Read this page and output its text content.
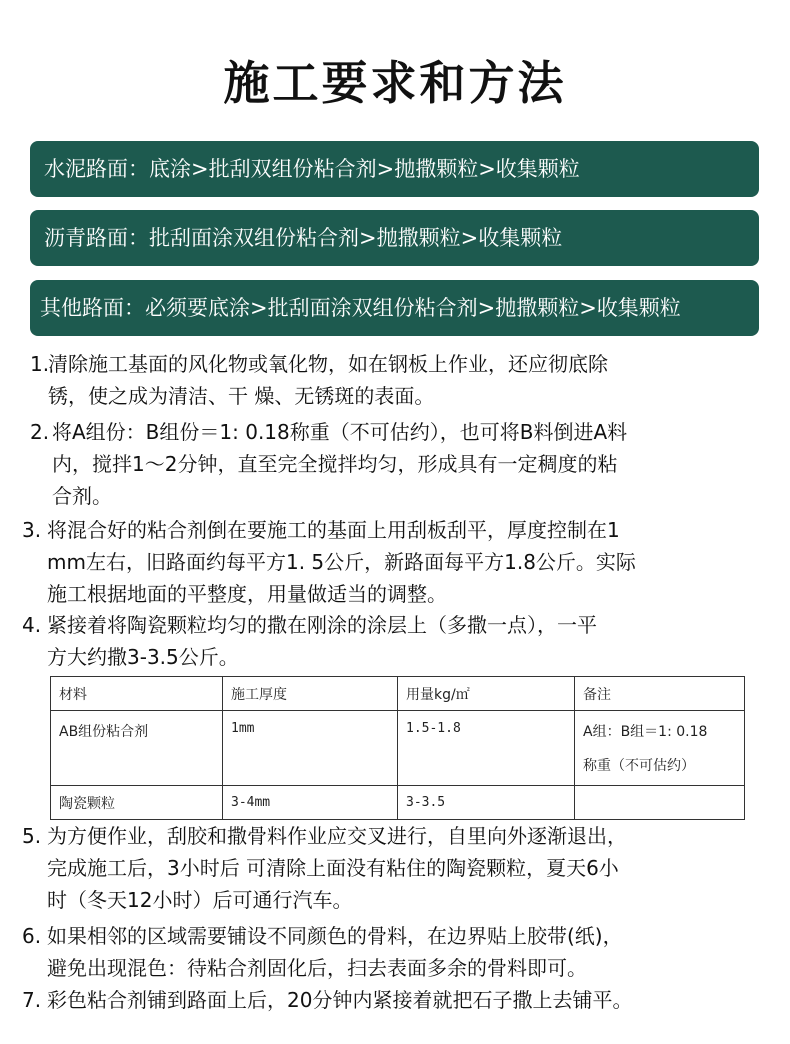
施工要求和方法
水泥路面：底涂>批刮双组份粘合剂>抛撒颗粒>收集颗粒
沥青路面：批刮面涂双组份粘合剂>抛撒颗粒>收集颗粒
其他路面：必须要底涂>批刮面涂双组份粘合剂>抛撒颗粒>收集颗粒
1.
清除施工基面的风化物或氧化物，如在钢板上作业，还应彻底除
锈，使之成为清洁、干 燥、无锈斑的表面。
2. 将A组份：B组份＝1: 0.18称重（不可估约），也可将B料倒进A料
内，搅拌1～2分钟，直至完全搅拌均匀，形成具有一定稠度的粘
合剂。
3. 将混合好的粘合剂倒在要施工的基面上用刮板刮平，厚度控制在1
mm左右，旧路面约每平方1. 5公斤，新路面每平方1.8公斤。实际
施工根据地面的平整度，用量做适当的调整。
4. 紧接着将陶瓷颗粒均匀的撒在刚涂的涂层上（多撒一点），一平
方大约撒3-3.5公斤。
材料	施工厚度	用量kg/㎡	备注
AB组份粘合剂	1mm	1.5-1.8	A组：B组＝1: 0.18
称重（不可估约）

陶瓷颗粒	3-4mm	3-3.5	
5. 为方便作业，刮胶和撒骨料作业应交叉进行，自里向外逐渐退出，
完成施工后，3小时后 可清除上面没有粘住的陶瓷颗粒，夏天6小
时（冬天12小时）后可通行汽车。
6. 如果相邻的区域需要铺设不同颜色的骨料，在边界贴上胶带(纸)，
避免出现混色：待粘合剂固化后，扫去表面多余的骨料即可。
7. 彩色粘合剂铺到路面上后，20分钟内紧接着就把石子撒上去铺平。
